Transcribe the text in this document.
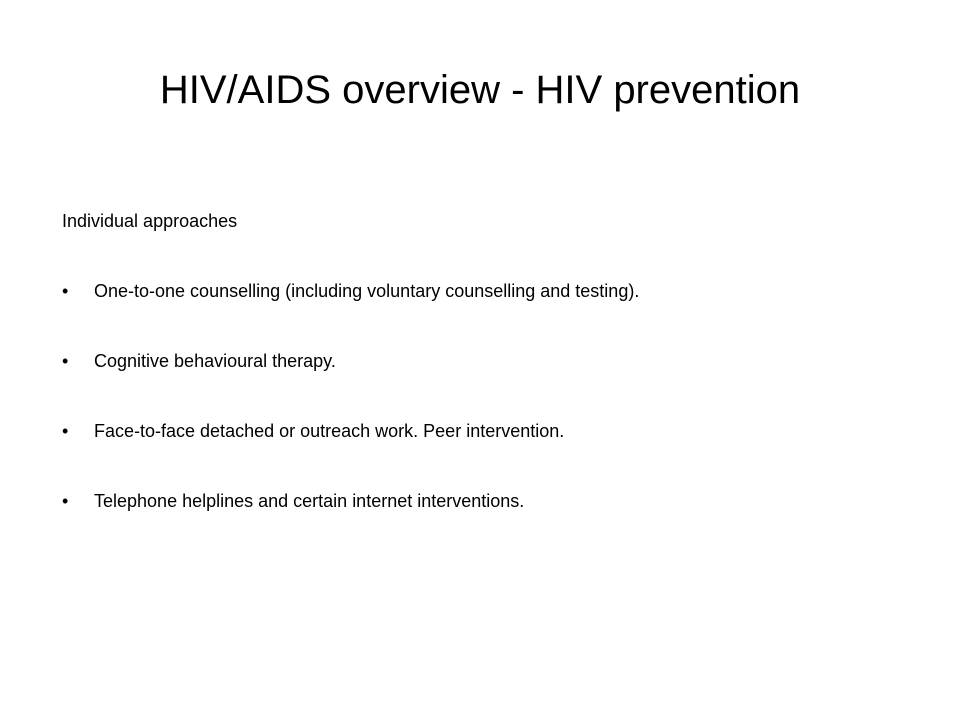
HIV/AIDS overview - HIV prevention

Individual approaches

•	One-to-one counselling (including voluntary counselling and testing).
•	Cognitive behavioural therapy.
•	Face-to-face detached or outreach work. Peer intervention.
•	Telephone helplines and certain internet interventions.
